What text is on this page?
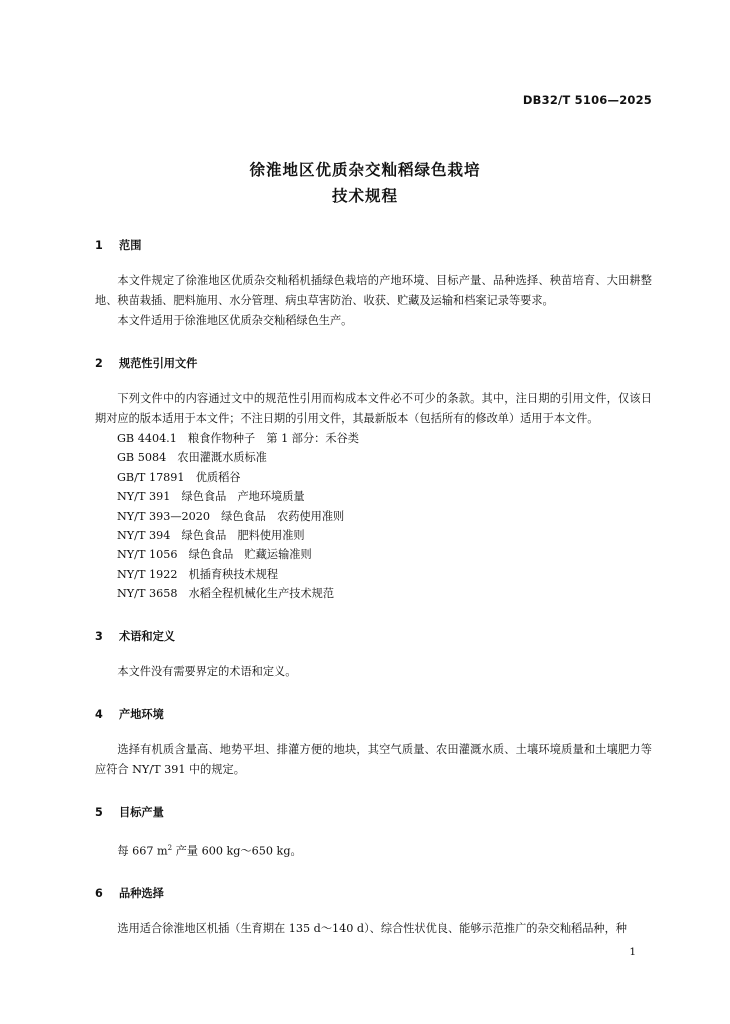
DB32/T 5106—2025
徐淮地区优质杂交籼稻绿色栽培
技术规程
1 范围
本文件规定了徐淮地区优质杂交籼稻机插绿色栽培的产地环境、目标产量、品种选择、秧苗培育、大田耕整地、秧苗栽插、肥料施用、水分管理、病虫草害防治、收获、贮藏及运输和档案记录等要求。
本文件适用于徐淮地区优质杂交籼稻绿色生产。
2 规范性引用文件
下列文件中的内容通过文中的规范性引用而构成本文件必不可少的条款。其中，注日期的引用文件，仅该日期对应的版本适用于本文件；不注日期的引用文件，其最新版本（包括所有的修改单）适用于本文件。
GB 4404.1　粮食作物种子　第 1 部分：禾谷类
GB 5084　农田灌溉水质标准
GB/T 17891　优质稻谷
NY/T 391　绿色食品　产地环境质量
NY/T 393—2020　绿色食品　农药使用准则
NY/T 394　绿色食品　肥料使用准则
NY/T 1056　绿色食品　贮藏运输准则
NY/T 1922　机插育秧技术规程
NY/T 3658　水稻全程机械化生产技术规范
3 术语和定义
本文件没有需要界定的术语和定义。
4 产地环境
选择有机质含量高、地势平坦、排灌方便的地块，其空气质量、农田灌溉水质、土壤环境质量和土壤肥力等应符合 NY/T 391 中的规定。
5 目标产量
每 667 $m^2$ 产量 600 kg～650 kg。
6 品种选择
选用适合徐淮地区机插（生育期在 135 d～140 d）、综合性状优良、能够示范推广的杂交籼稻品种，种
1
